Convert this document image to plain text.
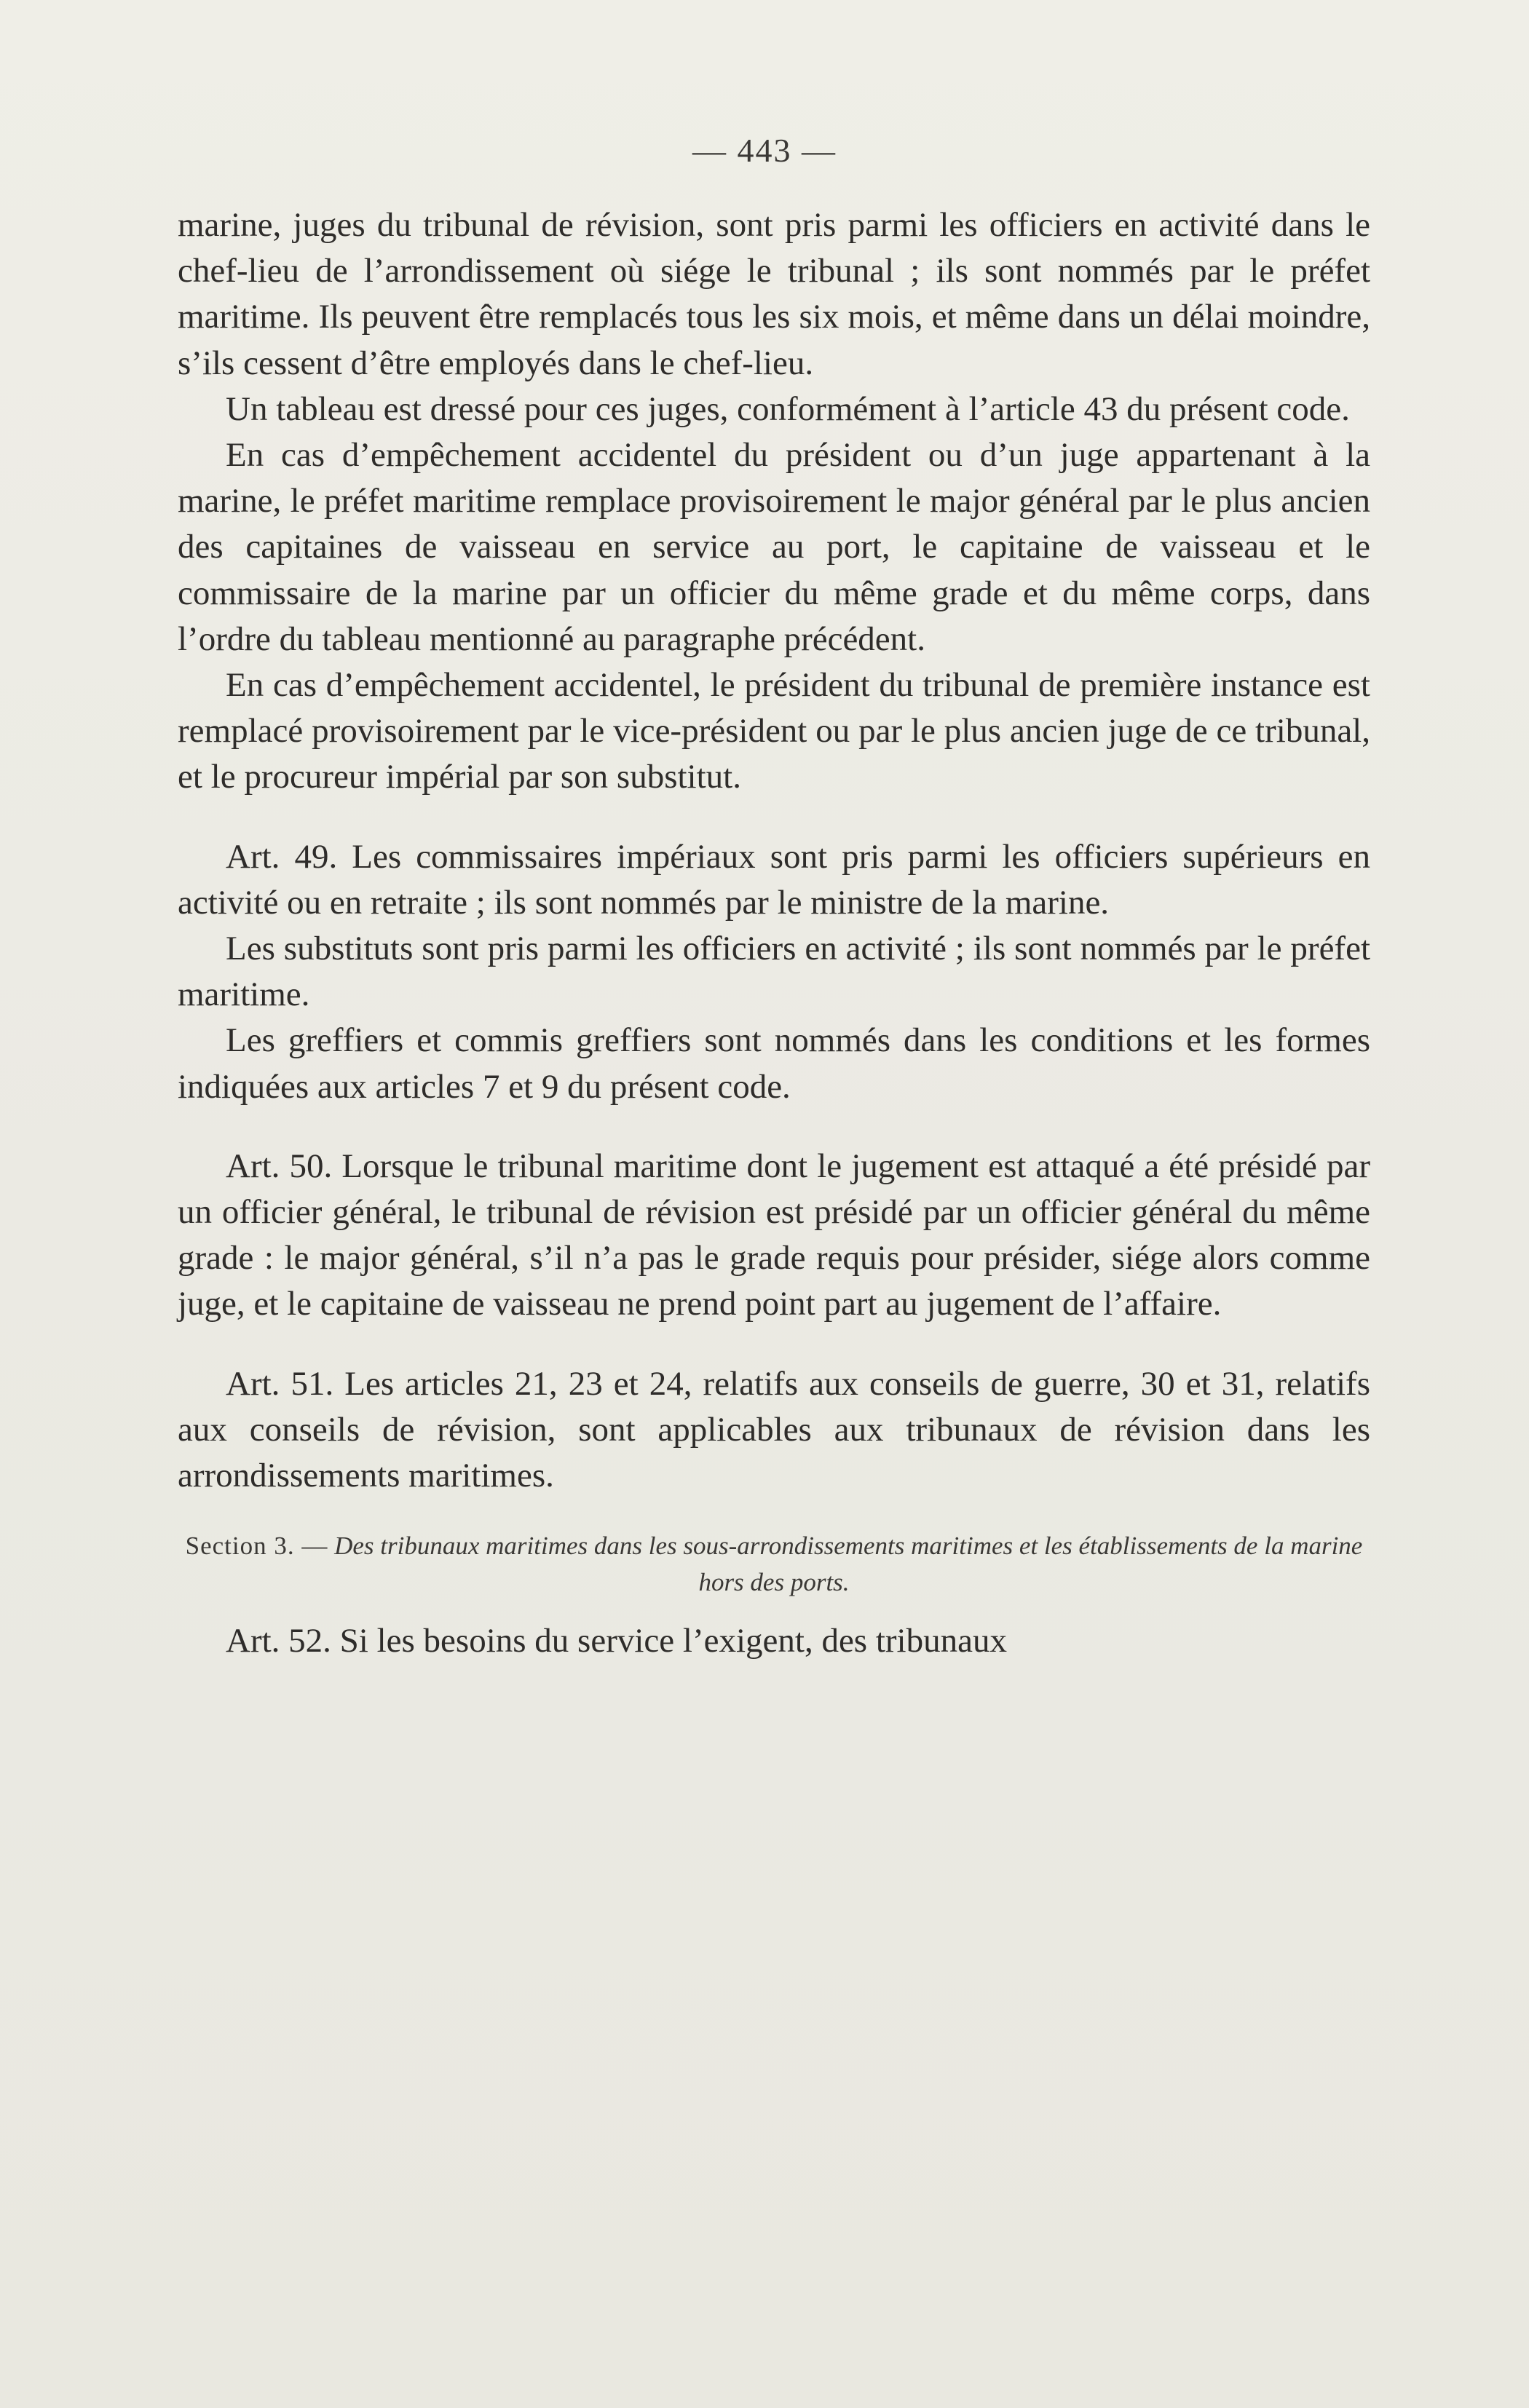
— 443 —

marine, juges du tribunal de révision, sont pris parmi les officiers en activité dans le chef-lieu de l’arrondissement où siége le tribunal ; ils sont nommés par le préfet maritime. Ils peuvent être remplacés tous les six mois, et même dans un délai moindre, s’ils cessent d’être employés dans le chef-lieu.

Un tableau est dressé pour ces juges, conformément à l’article 43 du présent code.

En cas d’empêchement accidentel du président ou d’un juge appartenant à la marine, le préfet maritime remplace provisoirement le major général par le plus ancien des capitaines de vaisseau en service au port, le capitaine de vaisseau et le commissaire de la marine par un officier du même grade et du même corps, dans l’ordre du tableau mentionné au paragraphe précédent.

En cas d’empêchement accidentel, le président du tribunal de première instance est remplacé provisoirement par le vice-président ou par le plus ancien juge de ce tribunal, et le procureur impérial par son substitut.

Art. 49. Les commissaires impériaux sont pris parmi les officiers supérieurs en activité ou en retraite ; ils sont nommés par le ministre de la marine.

Les substituts sont pris parmi les officiers en activité ; ils sont nommés par le préfet maritime.

Les greffiers et commis greffiers sont nommés dans les conditions et les formes indiquées aux articles 7 et 9 du présent code.

Art. 50. Lorsque le tribunal maritime dont le jugement est attaqué a été présidé par un officier général, le tribunal de révision est présidé par un officier général du même grade : le major général, s’il n’a pas le grade requis pour présider, siége alors comme juge, et le capitaine de vaisseau ne prend point part au jugement de l’affaire.

Art. 51. Les articles 21, 23 et 24, relatifs aux conseils de guerre, 30 et 31, relatifs aux conseils de révision, sont applicables aux tribunaux de révision dans les arrondissements maritimes.

Section 3. — Des tribunaux maritimes dans les sous-arrondissements maritimes et les établissements de la marine hors des ports.

Art. 52. Si les besoins du service l’exigent, des tribunaux
